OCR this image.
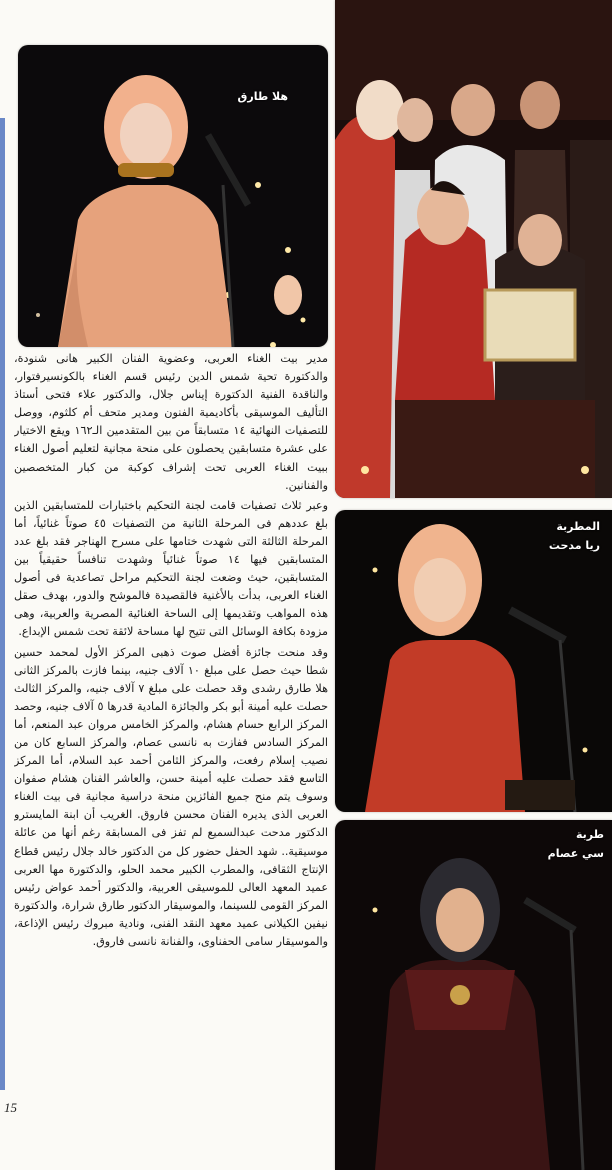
هلا طارق
المطربة
ريا مدحت
طربة
سي عصام

مدير بيت الغناء العربى، وعضوية الفنان الكبير هانى شنودة، والدكتورة تحية شمس الدين رئيس قسم الغناء بالكونسيرفتوار، والناقدة الفنية الدكتورة إيناس جلال، والدكتور علاء فتحى أستاذ التأليف الموسيقى بأكاديمية الفنون ومدير متحف أم كلثوم، ووصل للتصفيات النهائية ١٤ متسابقاً من بين المتقدمين الـ١٦٢ ويقع الاختيار على عشرة متسابقين يحصلون على منحة مجانية لتعليم أصول الغناء ببيت الغناء العربى تحت إشراف كوكبة من كبار المتخصصين والفنانين.

وعبر ثلاث تصفيات قامت لجنة التحكيم باختبارات للمتسابقين الذين بلغ عددهم فى المرحلة الثانية من التصفيات ٤٥ صوتاً غنائياً، أما المرحلة الثالثة التى شهدت ختامها على مسرح الهناجر فقد بلغ عدد المتسابقين فيها ١٤ صوتاً غنائياً وشهدت تنافساً حقيقياً بين المتسابقين، حيث وضعت لجنة التحكيم مراحل تصاعدية فى أصول الغناء العربى، بدأت بالأغنية فالقصيدة فالموشح والدور، بهدف صقل هذه المواهب وتقديمها إلى الساحة الغنائية المصرية والعربية، وهى مزودة بكافة الوسائل التى تتيح لها مساحة لائقة تحت شمس الإبداع.

وقد منحت جائزة أفضل صوت ذهبى المركز الأول لمحمد حسين شطا حيث حصل على مبلغ ١٠ آلاف جنيه، بينما فازت بالمركز الثانى هلا طارق رشدى وقد حصلت على مبلغ ٧ آلاف جنيه، والمركز الثالث حصلت عليه أمينة أبو بكر والجائزة المادية قدرها ٥ آلاف جنيه، وحصد المركز الرابع حسام هشام، والمركز الخامس مروان عبد المنعم، أما المركز السادس ففازت به نانسى عصام، والمركز السابع كان من نصيب إسلام رفعت، والمركز الثامن أحمد عبد السلام، أما المركز التاسع فقد حصلت عليه أمينة حسن، والعاشر الفنان هشام صفوان وسوف يتم منح جميع الفائزين منحة دراسية مجانية فى بيت الغناء العربى الذى يديره الفنان محسن فاروق. الغريب أن ابنة المايسترو الدكتور مدحت عبدالسميع لم تفز فى المسابقة رغم أنها من عائلة موسيقية.. شهد الحفل حضور كل من الدكتور خالد جلال رئيس قطاع الإنتاج الثقافى، والمطرب الكبير محمد الحلو، والدكتورة مها العربى عميد المعهد العالى للموسيقى العربية، والدكتور أحمد عواض رئيس المركز القومى للسينما، والموسيقار الدكتور طارق شرارة، والدكتورة نيفين الكيلانى عميد معهد النقد الفنى، ونادية مبروك رئيس الإذاعة، والموسيقار سامى الحفناوى، والفنانة نانسى فاروق.

15
